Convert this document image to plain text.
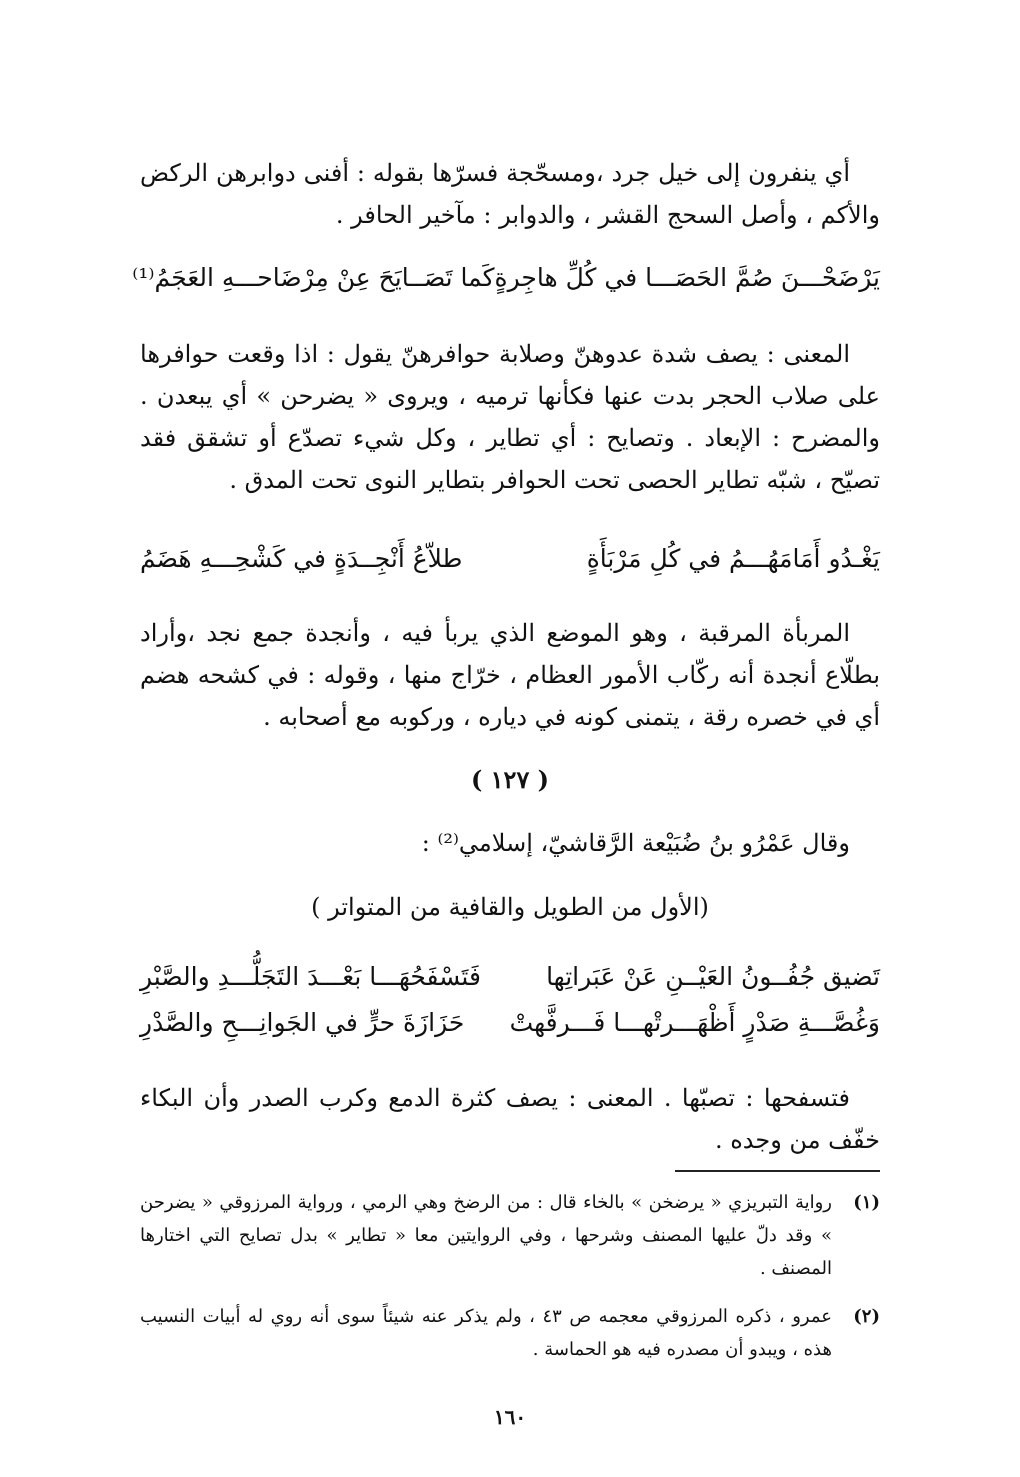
أي ينفرون إلى خيل جرد ،ومسحّجة فسرّها بقوله : أفنى دوابرهن الركض والأكم ، وأصل السحج القشر ، والدوابر : مآخير الحافر .
يَرْضَحْـــنَ صُمَّ الحَصَـــا في كُلِّ هاجِرةٍ
كَما تَصَــايَحَ عِنْ مِرْضَاحـــهِ العَجَمُ⁽¹⁾
المعنى : يصف شدة عدوهنّ وصلابة حوافرهنّ يقول : اذا وقعت حوافرها على صلاب الحجر بدت عنها فكأنها ترميه ، ويروى « يضرحن » أي يبعدن . والمضرح : الإبعاد . وتصايح : أي تطاير ، وكل شيء تصدّع أو تشقق فقد تصيّح ، شبّه تطاير الحصى تحت الحوافر بتطاير النوى تحت المدق .
يَغْـدُو أَمَامَهُـــمُ في كُلِ مَرْبَأَةٍ
طلاّعُ أَنْجِــدَةٍ في كَشْحِـــهِ هَضَمُ
المربأة المرقبة ، وهو الموضع الذي يربأ فيه ، وأنجدة جمع نجد ،وأراد بطلّاع أنجدة أنه ركّاب الأمور العظام ، خرّاج منها ، وقوله : في كشحه هضم أي في خصره رقة ، يتمنى كونه في دياره ، وركوبه مع أصحابه .
( ١٢٧ )
وقال عَمْرُو بنُ ضُبَيْعة الرَّقاشيّ، إسلامي⁽²⁾ :
(الأول من الطويل والقافية من المتواتر )
تَضيق جُفُــونُ العَيْــنِ عَنْ عَبَراتِها
فَتَسْفَحُهَـــا بَعْـــدَ التَجَلُّـــدِ والصَّبْرِ
وَغُصَّـــةِ صَدْرٍ أَظْهَـــرتْهـــا فَـــرفَّهتْ
حَزَازَةَ حرٍّ في الجَوانِـــحِ والصَّدْرِ
فتسفحها : تصبّها . المعنى : يصف كثرة الدمع وكرب الصدر وأن البكاء خفّف من وجده .
(١)
رواية التبريزي « يرضخن » بالخاء قال : من الرضخ وهي الرمي ، ورواية المرزوقي « يضرحن » وقد دلّ عليها المصنف وشرحها ، وفي الروايتين معا « تطاير » بدل تصايح التي اختارها المصنف .
(٢)
عمرو ، ذكره المرزوقي معجمه ص ٤٣ ، ولم يذكر عنه شيئاً سوى أنه روي له أبيات النسيب هذه ، ويبدو أن مصدره فيه هو الحماسة .
١٦٠
